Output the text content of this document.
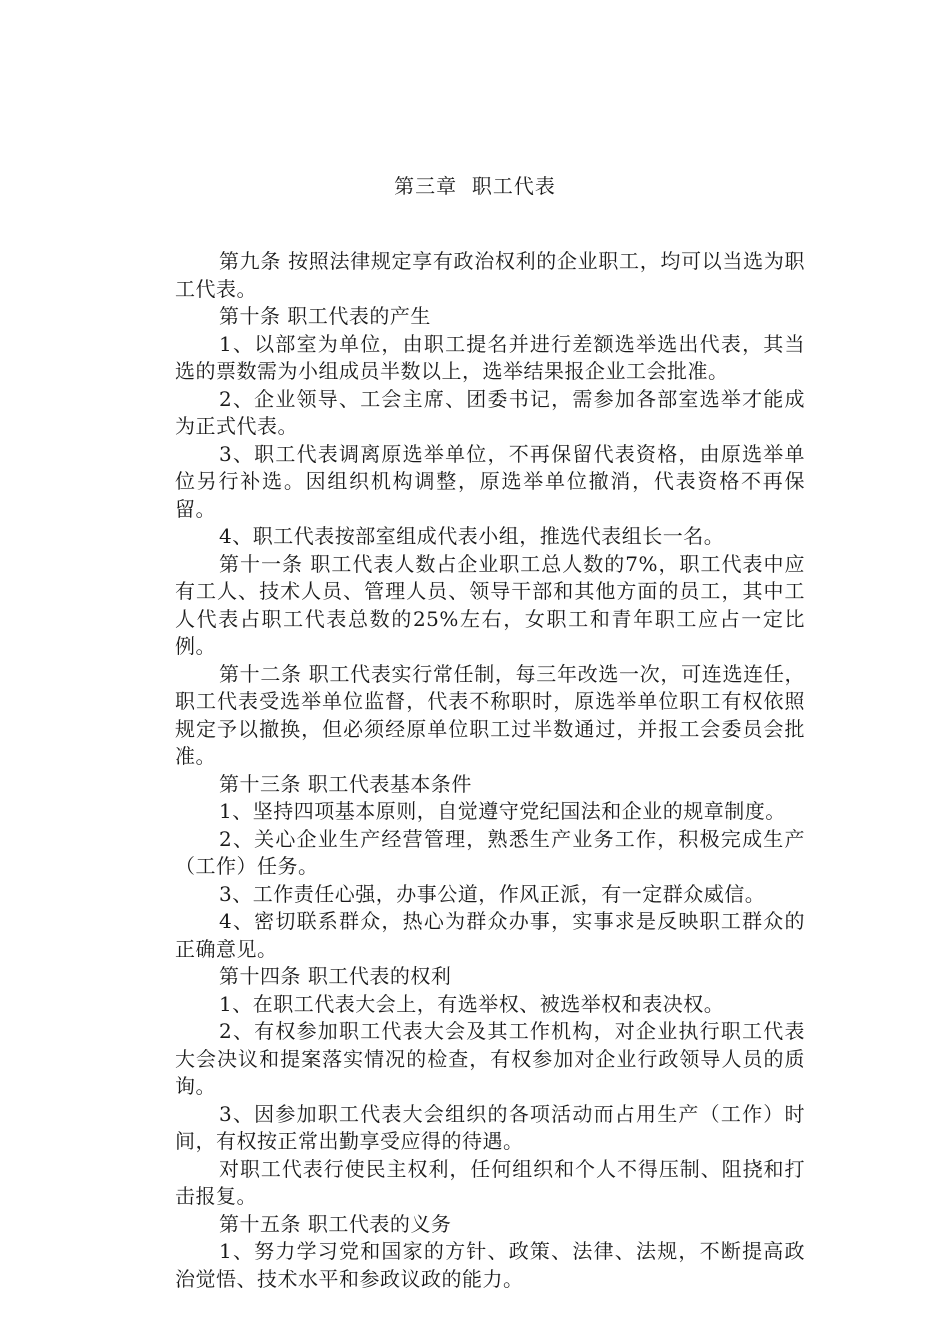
第三章  职工代表

第九条 按照法律规定享有政治权利的企业职工，均可以当选为职工代表。

第十条 职工代表的产生

1、以部室为单位，由职工提名并进行差额选举选出代表，其当选的票数需为小组成员半数以上，选举结果报企业工会批准。

2、企业领导、工会主席、团委书记，需参加各部室选举才能成为正式代表。

3、职工代表调离原选举单位，不再保留代表资格，由原选举单位另行补选。因组织机构调整，原选举单位撤消，代表资格不再保留。

4、职工代表按部室组成代表小组，推选代表组长一名。

第十一条 职工代表人数占企业职工总人数的7%，职工代表中应有工人、技术人员、管理人员、领导干部和其他方面的员工，其中工人代表占职工代表总数的25%左右，女职工和青年职工应占一定比例。

第十二条 职工代表实行常任制，每三年改选一次，可连选连任，职工代表受选举单位监督，代表不称职时，原选举单位职工有权依照规定予以撤换，但必须经原单位职工过半数通过，并报工会委员会批准。

第十三条 职工代表基本条件

1、坚持四项基本原则，自觉遵守党纪国法和企业的规章制度。

2、关心企业生产经营管理，熟悉生产业务工作，积极完成生产（工作）任务。

3、工作责任心强，办事公道，作风正派，有一定群众威信。

4、密切联系群众，热心为群众办事，实事求是反映职工群众的正确意见。

第十四条 职工代表的权利

1、在职工代表大会上，有选举权、被选举权和表决权。

2、有权参加职工代表大会及其工作机构，对企业执行职工代表大会决议和提案落实情况的检查，有权参加对企业行政领导人员的质询。

3、因参加职工代表大会组织的各项活动而占用生产（工作）时间，有权按正常出勤享受应得的待遇。

对职工代表行使民主权利，任何组织和个人不得压制、阻挠和打击报复。

第十五条 职工代表的义务

1、努力学习党和国家的方针、政策、法律、法规，不断提高政治觉悟、技术水平和参政议政的能力。
